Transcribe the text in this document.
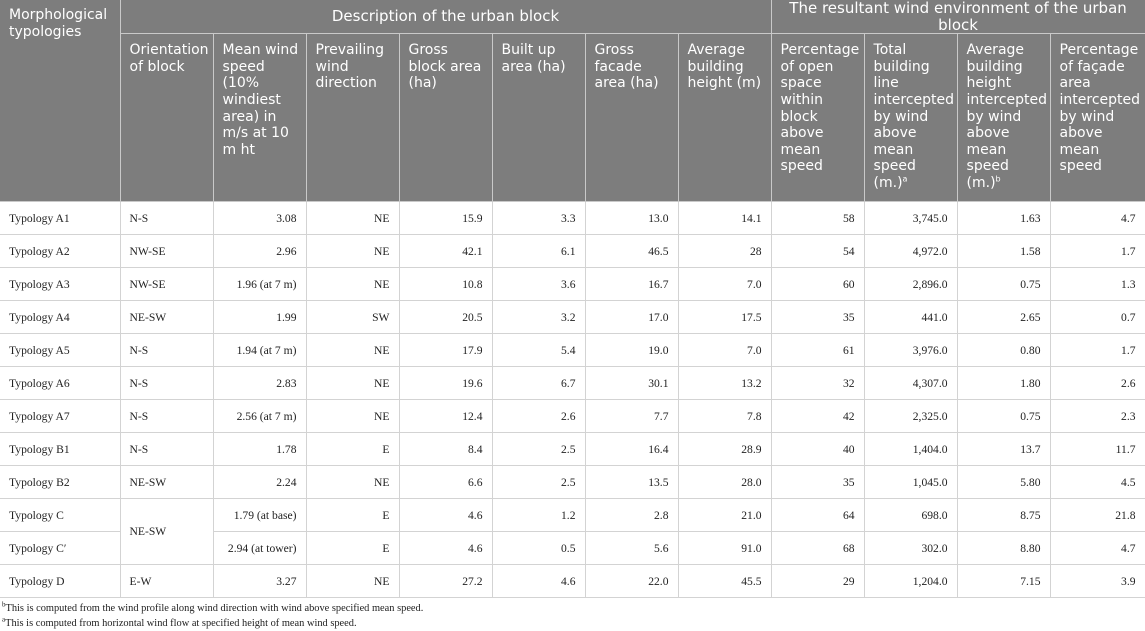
Morphological typologies	Description of the urban block							The resultant wind environment of the urban block			
	Orientation of block	Mean wind speed (10% windiest area) in m/s at 10 m ht	Prevailing wind direction	Gross block area (ha)	Built up area (ha)	Gross facade area (ha)	Average building height (m)	Percentage of open space within block above mean speed	Total building line intercepted by wind above mean speed $(m.)^a$	Average building height intercepted by wind above mean speed $(m.)^b$	Percentage of façade area intercepted by wind above mean speed
Typology A1	N-S	3.08	NE	15.9	3.3	13.0	14.1	58	3,745.0	1.63	4.7
Typology A2	NW-SE	2.96	NE	42.1	6.1	46.5	28	54	4,972.0	1.58	1.7
Typology A3	NW-SE	1.96 (at 7 m)	NE	10.8	3.6	16.7	7.0	60	2,896.0	0.75	1.3
Typology A4	NE-SW	1.99	SW	20.5	3.2	17.0	17.5	35	441.0	2.65	0.7
Typology A5	N-S	1.94 (at 7 m)	NE	17.9	5.4	19.0	7.0	61	3,976.0	0.80	1.7
Typology A6	N-S	2.83	NE	19.6	6.7	30.1	13.2	32	4,307.0	1.80	2.6
Typology A7	N-S	2.56 (at 7 m)	NE	12.4	2.6	7.7	7.8	42	2,325.0	0.75	2.3
Typology B1	N-S	1.78	E	8.4	2.5	16.4	28.9	40	1,404.0	13.7	11.7
Typology B2	NE-SW	2.24	NE	6.6	2.5	13.5	28.0	35	1,045.0	5.80	4.5
Typology C	NE-SW	1.79 (at base)	E	4.6	1.2	2.8	21.0	64	698.0	8.75	21.8
Typology C′		2.94 (at tower)	E	4.6	0.5	5.6	91.0	68	302.0	8.80	4.7
Typology D	E-W	3.27	NE	27.2	4.6	22.0	45.5	29	1,204.0	7.15	3.9
$^b$This is computed from the wind profile along wind direction with wind above specified mean speed.
$^a$This is computed from horizontal wind flow at specified height of mean wind speed.
